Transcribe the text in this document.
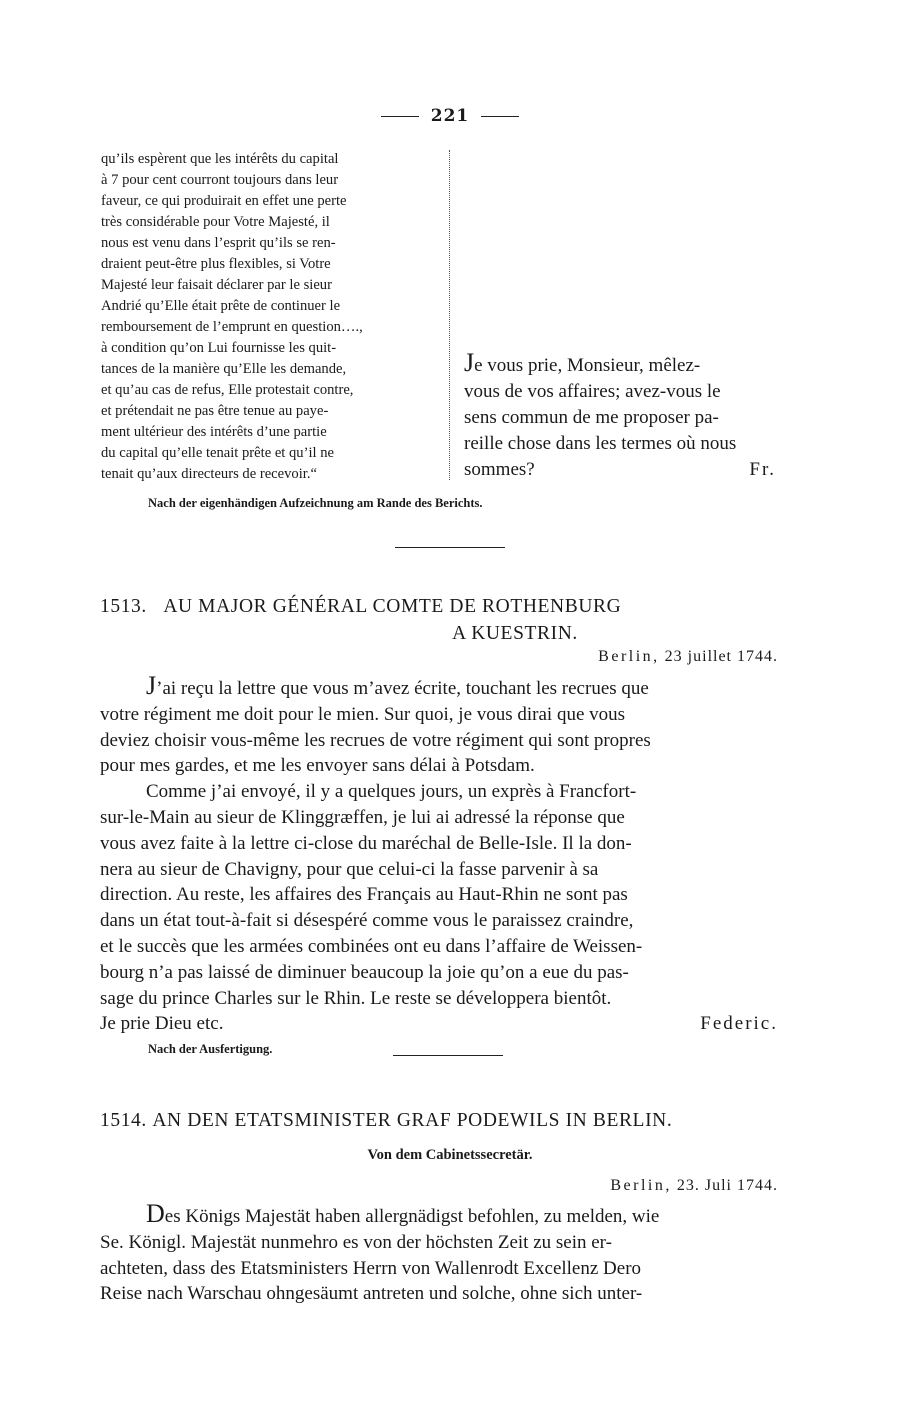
221

qu’ils espèrent que les intérêts du capital

à 7 pour cent courront toujours dans leur

faveur, ce qui produirait en effet une perte

très considérable pour Votre Majesté, il

nous est venu dans l’esprit qu’ils se ren-

draient peut-être plus flexibles, si Votre

Majesté leur faisait déclarer par le sieur

Andrié qu’Elle était prête de continuer le

remboursement de l’emprunt en question….,

à condition qu’on Lui fournisse les quit-

tances de la manière qu’Elle les demande,

et qu’au cas de refus, Elle protestait contre,

et prétendait ne pas être tenue au paye-

ment ultérieur des intérêts d’une partie

du capital qu’elle tenait prête et qu’il ne

tenait qu’aux directeurs de recevoir.“

Je vous prie, Monsieur, mêlez-
vous de vos affaires; avez-vous le
sens commun de me proposer pa-
reille chose dans les termes où nous
sommes?	Fr.
Nach der eigenhändigen Aufzeichnung am Rande des Berichts.
1513. AU MAJOR GÉNÉRAL COMTE DE ROTHENBURG
A KUESTRIN.
Berlin, 23 juillet 1744.

J’ai reçu la lettre que vous m’avez écrite, touchant les recrues que

votre régiment me doit pour le mien. Sur quoi, je vous dirai que vous

deviez choisir vous-même les recrues de votre régiment qui sont propres

pour mes gardes, et me les envoyer sans délai à Potsdam.

Comme j’ai envoyé, il y a quelques jours, un exprès à Francfort-

sur-le-Main au sieur de Klinggræffen, je lui ai adressé la réponse que

vous avez faite à la lettre ci-close du maréchal de Belle-Isle. Il la don-

nera au sieur de Chavigny, pour que celui-ci la fasse parvenir à sa

direction. Au reste, les affaires des Français au Haut-Rhin ne sont pas

dans un état tout-à-fait si désespéré comme vous le paraissez craindre,

et le succès que les armées combinées ont eu dans l’affaire de Weissen-

bourg n’a pas laissé de diminuer beaucoup la joie qu’on a eue du pas-

sage du prince Charles sur le Rhin. Le reste se développera bientôt.

Je prie Dieu etc.	Federic.
Nach der Ausfertigung.
1514. AN DEN ETATSMINISTER GRAF PODEWILS IN BERLIN.
Von dem Cabinetssecretär.
Berlin, 23. Juli 1744.

Des Königs Majestät haben allergnädigst befohlen, zu melden, wie

Se. Königl. Majestät nunmehro es von der höchsten Zeit zu sein er-

achteten, dass des Etatsministers Herrn von Wallenrodt Excellenz Dero

Reise nach Warschau ohngesäumt antreten und solche, ohne sich unter-
